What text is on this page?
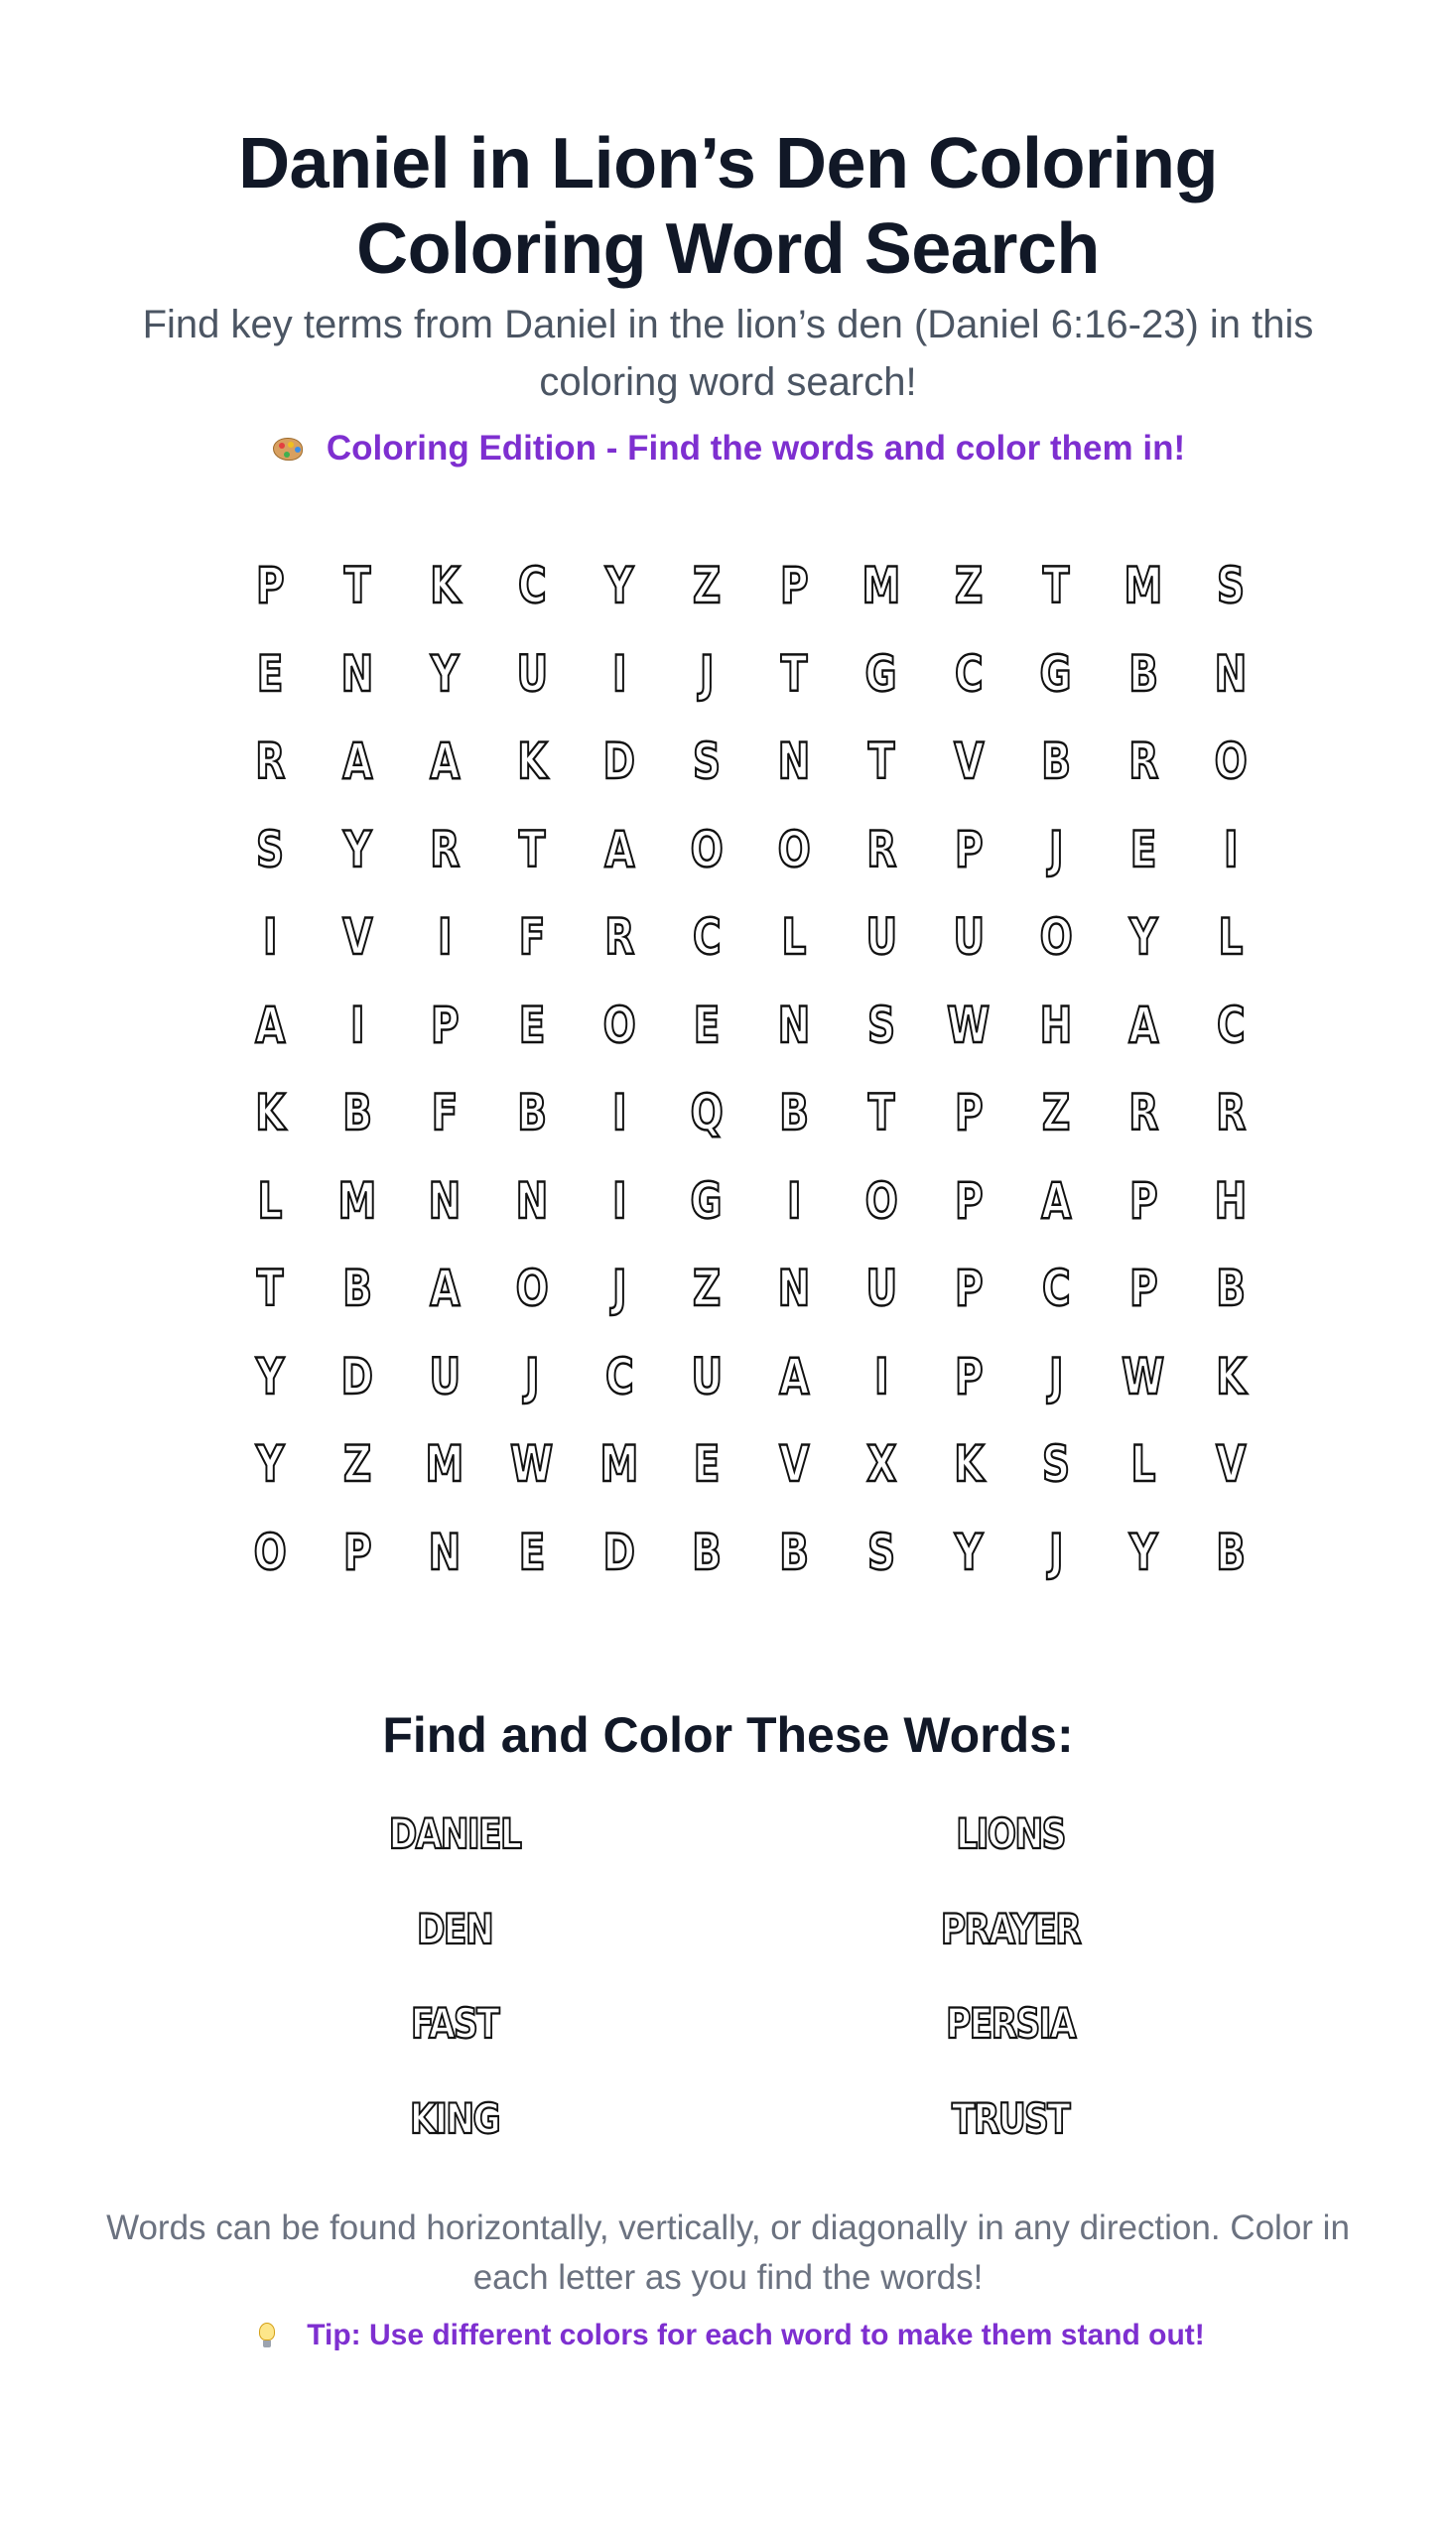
Daniel in Lion’s Den Coloring Coloring Word Search

Find key terms from Daniel in the lion’s den (Daniel 6:16-23) in this coloring word search!

Coloring Edition - Find the words and color them in!
P T K C Y Z P M Z T M S
E N Y U I J T G C G B N
R A A K D S N T V B R O
S Y R T A O O R P J E I
I V I F R C L U U O Y L
A I P E O E N S W H A C
K B F B I Q B T P Z R R
L M N N I G I O P A P H
T B A O J Z N U P C P B
Y D U J C U A I P J W K
Y Z M W M E V X K S L V
O P N E D B B S Y J Y B
Find and Color These Words:
DANIEL	LIONS
DEN	PRAYER
FAST	PERSIA
KING	TRUST

Words can be found horizontally, vertically, or diagonally in any direction. Color in each letter as you find the words!

Tip: Use different colors for each word to make them stand out!
